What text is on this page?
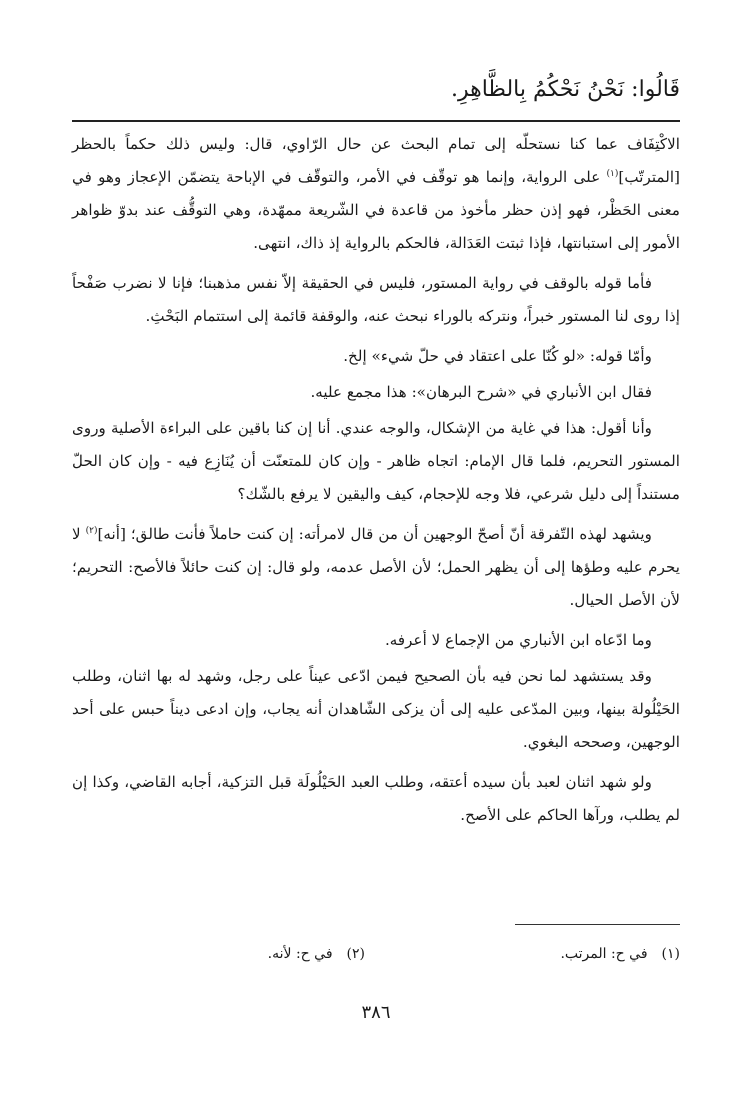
قَالُوا: نَحْنُ نَحْكُمُ بِالظَّاهِرِ.

الاكْتِفَاف عما كنا نستحلّه إلى تمام البحث عن حال الرّاوي، قال: وليس ذلك حكماً بالحظر [المترتّب]$^{(١)}$ على الرواية، وإنما هو توقّف في الأمر، والتوقّف في الإباحة يتضمّن الإعجاز وهو في معنى الحَظْر، فهو إذن حظر مأخوذ من قاعدة في الشّريعة ممهّدة، وهي التوقُّف عند بدوّ ظواهر الأمور إلى استبانتها، فإذا ثبتت العَدَالة، فالحكم بالرواية إذ ذاك، انتهى.

فأما قوله بالوقف في رواية المستور، فليس في الحقيقة إلاّ نفس مذهبنا؛ فإنا لا نضرب صَفْحاً إذا روى لنا المستور خبراً، ونتركه بالوراء نبحث عنه، والوقفة قائمة إلى استتمام البَحْثِ.

وأمّا قوله: «لو كُنّا على اعتقاد في حلّ شيء» إلخ.

فقال ابن الأنباري في «شرح البرهان»: هذا مجمع عليه.

وأنا أقول: هذا في غاية من الإشكال، والوجه عندي. أنا إن كنا باقين على البراءة الأصلية وروى المستور التحريم، فلما قال الإمام: اتجاه ظاهر - وإن كان للمتعنّت أن يُنَازِع فيه - وإن كان الحلّ مستنداً إلى دليل شرعي، فلا وجه للإحجام، كيف واليقين لا يرفع بالشّك؟

ويشهد لهذه التّفرقة أنّ أصحّ الوجهين أن من قال لامرأته: إن كنت حاملاً فأنت طالق؛ [أنه]$^{(٢)}$ لا يحرم عليه وطؤها إلى أن يظهر الحمل؛ لأن الأصل عدمه، ولو قال: إن كنت حائلاً فالأصح: التحريم؛ لأن الأصل الحيال.

وما ادّعاه ابن الأنباري من الإجماع لا أعرفه.

وقد يستشهد لما نحن فيه بأن الصحيح فيمن ادّعى عيناً على رجل، وشهد له بها اثنان، وطلب الحَيْلُولة بينها، وبين المدّعى عليه إلى أن يزكى الشّاهدان أنه يجاب، وإن ادعى ديناً حبس على أحد الوجهين، وصححه البغوي.

ولو شهد اثنان لعبد بأن سيده أعتقه، وطلب العبد الحَيْلُولَة قبل التزكية، أجابه القاضي، وكذا إن لم يطلب، ورآها الحاكم على الأصح.

(١)في ح: المرتب.
(٢)في ح: لأنه.
٣٨٦
